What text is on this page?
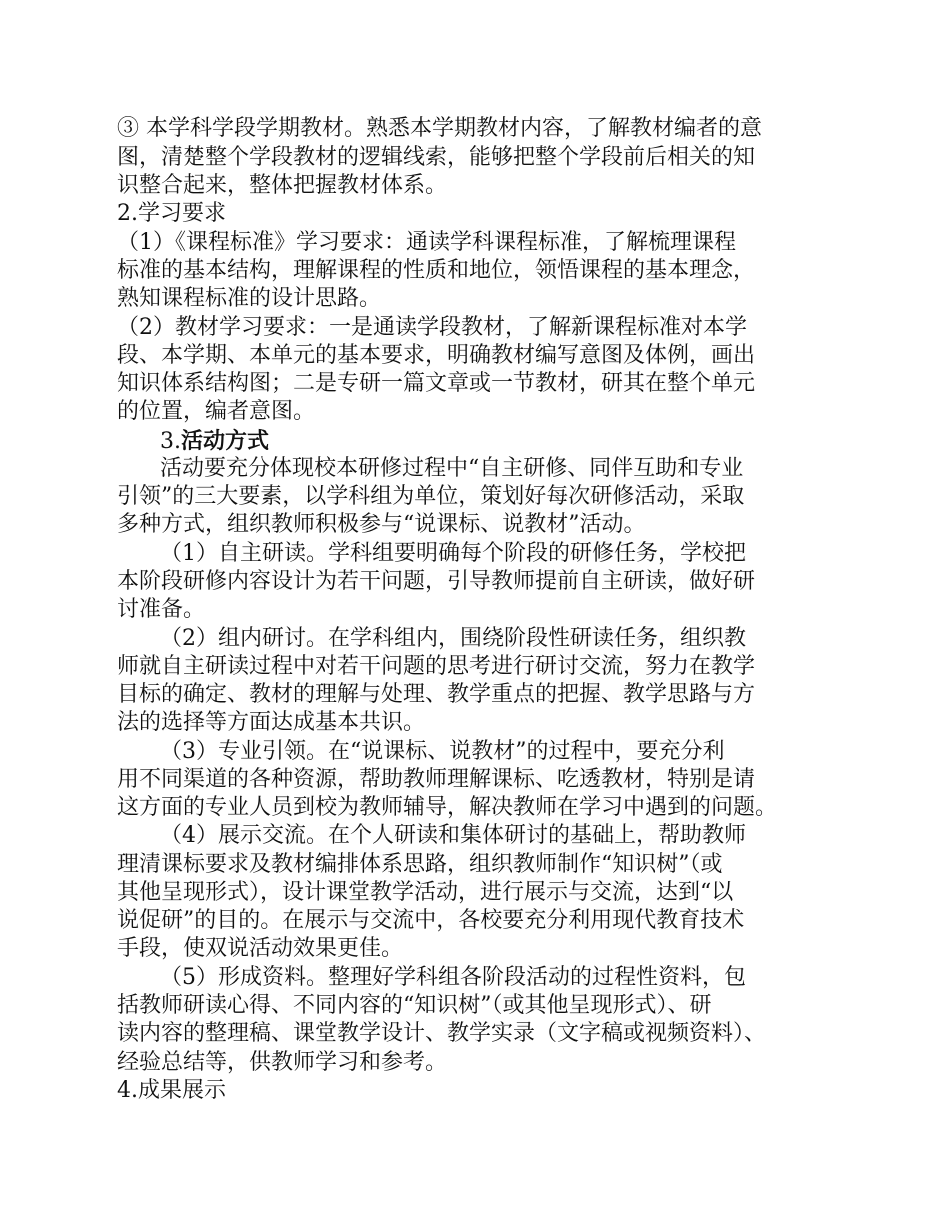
③ 本学科学段学期教材。熟悉本学期教材内容，了解教材编者的意
图，清楚整个学段教材的逻辑线索，能够把整个学段前后相关的知
识整合起来，整体把握教材体系。
2.学习要求
（1）《课程标准》学习要求：通读学科课程标准，了解梳理课程
标准的基本结构，理解课程的性质和地位，领悟课程的基本理念，
熟知课程标准的设计思路。
（2）教材学习要求：一是通读学段教材，了解新课程标准对本学
段、本学期、本单元的基本要求，明确教材编写意图及体例，画出
知识体系结构图；二是专研一篇文章或一节教材，研其在整个单元
的位置，编者意图。
3.活动方式
活动要充分体现校本研修过程中“自主研修、同伴互助和专业
引领”的三大要素，以学科组为单位，策划好每次研修活动，采取
多种方式，组织教师积极参与“说课标、说教材”活动。
（1）自主研读。学科组要明确每个阶段的研修任务，学校把
本阶段研修内容设计为若干问题，引导教师提前自主研读，做好研
讨准备。
（2）组内研讨。在学科组内，围绕阶段性研读任务，组织教
师就自主研读过程中对若干问题的思考进行研讨交流，努力在教学
目标的确定、教材的理解与处理、教学重点的把握、教学思路与方
法的选择等方面达成基本共识。
（3）专业引领。在“说课标、说教材”的过程中，要充分利
用不同渠道的各种资源，帮助教师理解课标、吃透教材，特别是请
这方面的专业人员到校为教师辅导，解决教师在学习中遇到的问题。
（4）展示交流。在个人研读和集体研讨的基础上，帮助教师
理清课标要求及教材编排体系思路，组织教师制作“知识树”（或
其他呈现形式），设计课堂教学活动，进行展示与交流，达到“以
说促研”的目的。在展示与交流中，各校要充分利用现代教育技术
手段，使双说活动效果更佳。
（5）形成资料。整理好学科组各阶段活动的过程性资料，包
括教师研读心得、不同内容的“知识树”（或其他呈现形式）、研
读内容的整理稿、课堂教学设计、教学实录（文字稿或视频资料）、
经验总结等，供教师学习和参考。
4.成果展示
